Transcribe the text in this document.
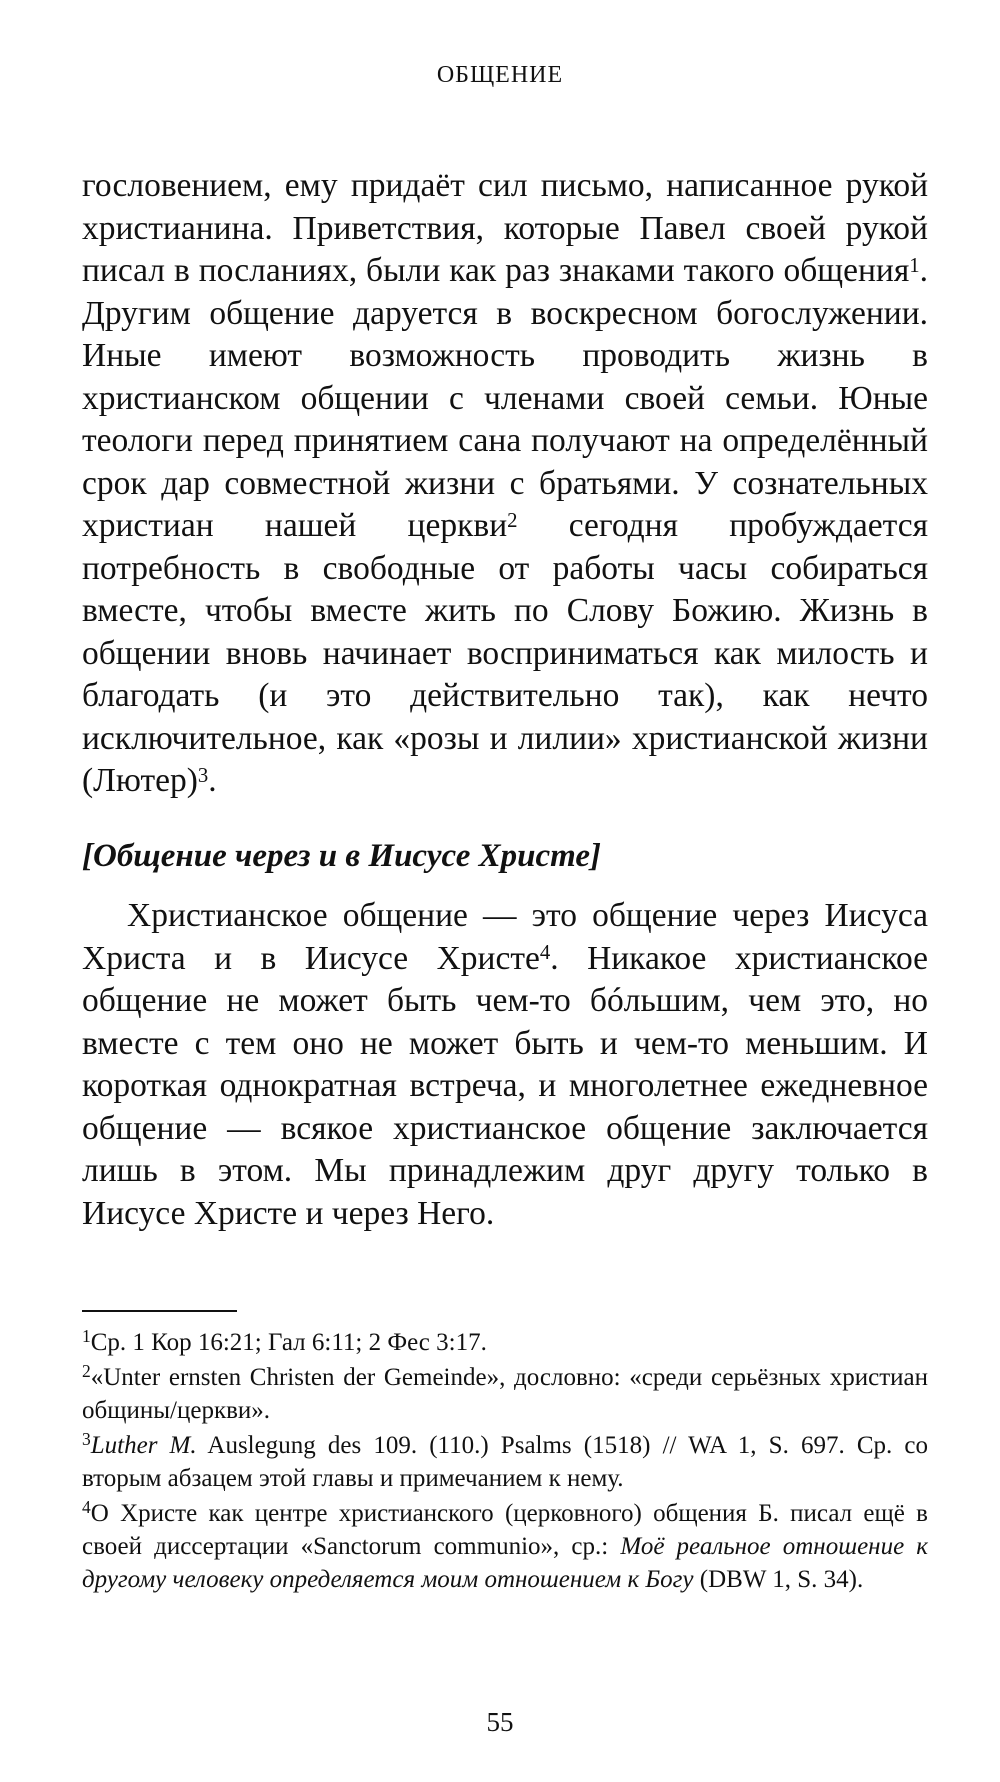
ОБЩЕНИЕ

гословением, ему придаёт сил письмо, написанное рукой христианина. Приветствия, которые Павел своей рукой писал в посланиях, были как раз знаками такого общения$^1$. Другим общение даруется в воскресном богослужении. Иные имеют возможность проводить жизнь в христианском общении с членами своей семьи. Юные теологи перед принятием сана получают на определённый срок дар совместной жизни с братьями. У сознательных христиан нашей церкви$^2$ сегодня пробуждается потребность в свободные от работы часы собираться вместе, чтобы вместе жить по Слову Божию. Жизнь в общении вновь начинает восприниматься как милость и благодать (и это действительно так), как нечто исключительное, как «розы и лилии» христианской жизни (Лютер)$^3$.

[Общение через и в Иисусе Христе]

Христианское общение — это общение через Иисуса Христа и в Иисусе Христе$^4$. Никакое христианское общение не может быть чем-то бóльшим, чем это, но вместе с тем оно не может быть и чем-то меньшим. И короткая однократная встреча, и многолетнее ежедневное общение — всякое христианское общение заключается лишь в этом. Мы принадлежим друг другу только в Иисусе Христе и через Него.

$^1$Ср. 1 Кор 16:21; Гал 6:11; 2 Фес 3:17.

$^2$«Unter ernsten Christen der Gemeinde», дословно: «среди серьёзных христиан общины/церкви».

$^3$Luther M. Auslegung des 109. (110.) Psalms (1518) // WA 1, S. 697. Ср. со вторым абзацем этой главы и примечанием к нему.

$^4$О Христе как центре христианского (церковного) общения Б. писал ещё в своей диссертации «Sanctorum communio», ср.: Моё реальное отношение к другому человеку определяется моим отношением к Богу (DBW 1, S. 34).

55
